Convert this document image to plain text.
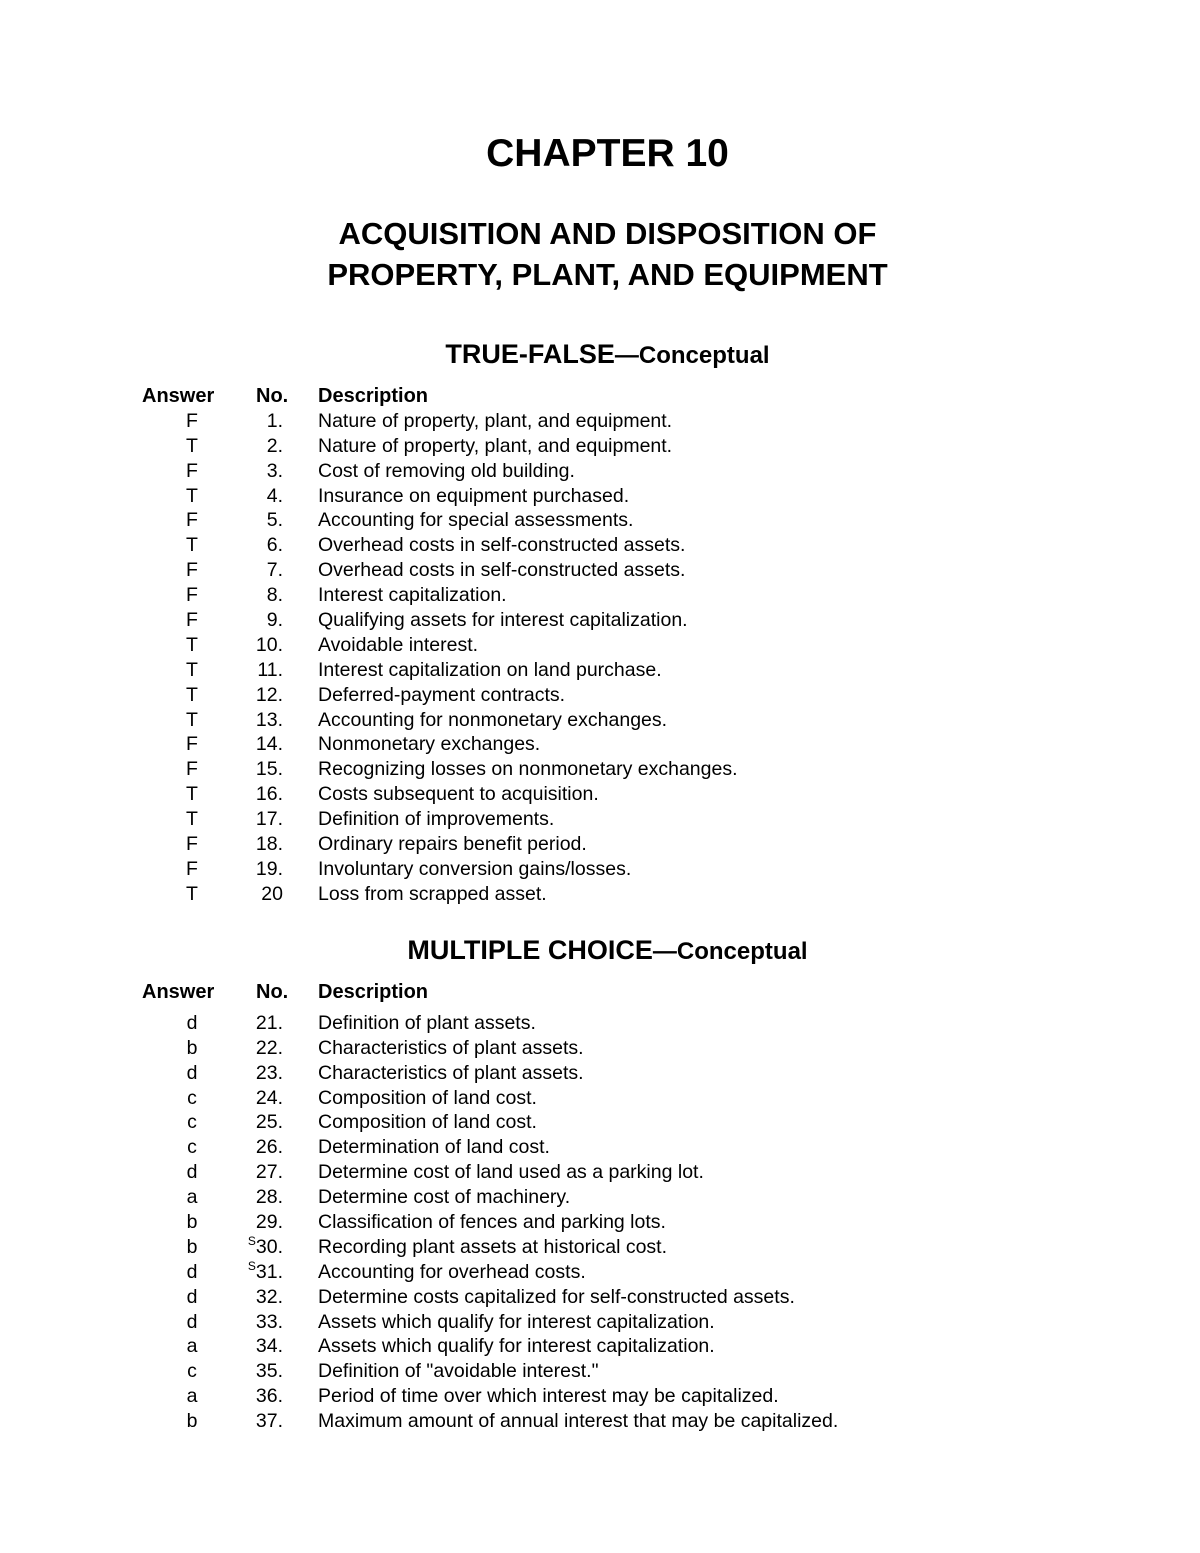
CHAPTER 10
ACQUISITION AND DISPOSITION OF
PROPERTY, PLANT, AND EQUIPMENT
TRUE-FALSE—Conceptual
Answer	No. Description
F	1. Nature of property, plant, and equipment.
T	2. Nature of property, plant, and equipment.
F	3. Cost of removing old building.
T	4. Insurance on equipment purchased.
F	5. Accounting for special assessments.
T	6. Overhead costs in self-constructed assets.
F	7. Overhead costs in self-constructed assets.
F	8. Interest capitalization.
F	9. Qualifying assets for interest capitalization.
T	10. Avoidable interest.
T	11. Interest capitalization on land purchase.
T	12. Deferred-payment contracts.
T	13. Accounting for nonmonetary exchanges.
F	14. Nonmonetary exchanges.
F	15. Recognizing losses on nonmonetary exchanges.
T	16. Costs subsequent to acquisition.
T	17. Definition of improvements.
F	18. Ordinary repairs benefit period.
F	19. Involuntary conversion gains/losses.
T	20 Loss from scrapped asset.
MULTIPLE CHOICE—Conceptual
Answer	No. Description
d	21. Definition of plant assets.
b	22. Characteristics of plant assets.
d	23. Characteristics of plant assets.
c	24. Composition of land cost.
c	25. Composition of land cost.
c	26. Determination of land cost.
d	27. Determine cost of land used as a parking lot.
a	28. Determine cost of machinery.
b	29. Classification of fences and parking lots.
b	$^S$30. Recording plant assets at historical cost.
d	$^S$31. Accounting for overhead costs.
d	32. Determine costs capitalized for self-constructed assets.
d	33. Assets which qualify for interest capitalization.
a	34. Assets which qualify for interest capitalization.
c	35. Definition of "avoidable interest."
a	36. Period of time over which interest may be capitalized.
b	37. Maximum amount of annual interest that may be capitalized.
